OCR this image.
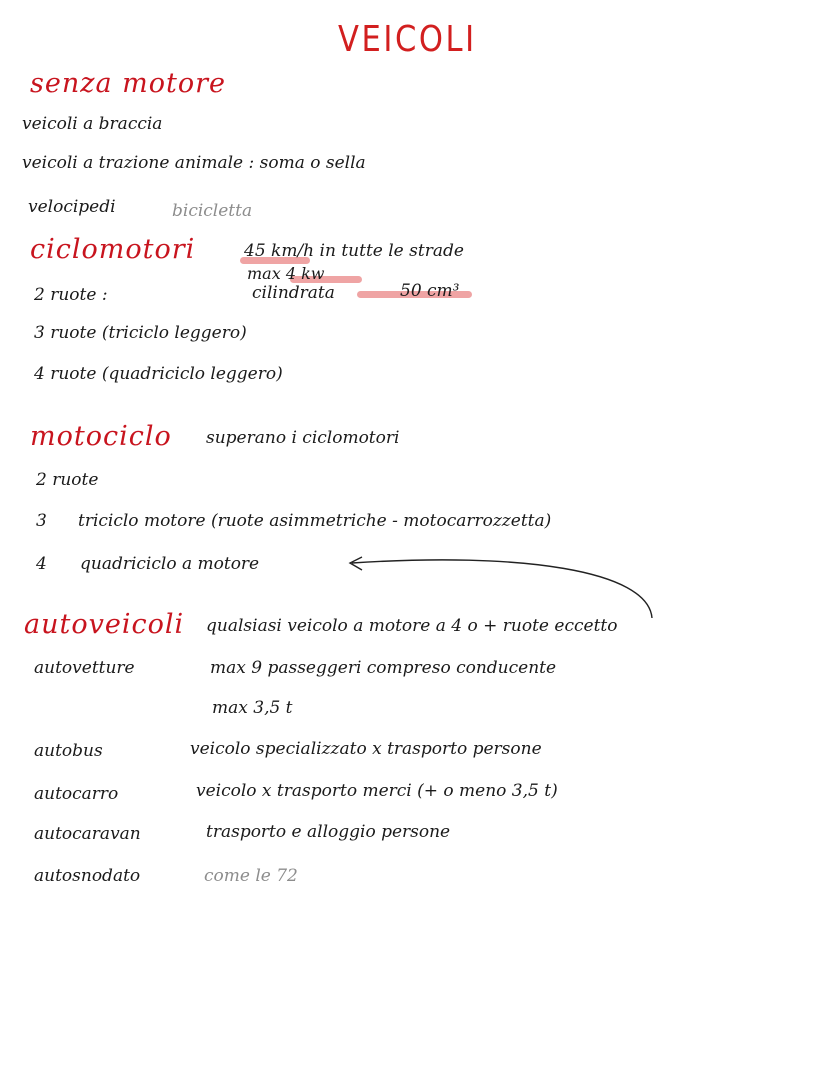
VEICOLI
senza motore
veicoli a braccia
veicoli a trazione animale : soma o sella
velocipedi	bicicletta
ciclomotori	45 km/h in tutte le strade
max 4 kw
2 ruote :	cilindrata	50 cm³
3 ruote (triciclo leggero)
4 ruote (quadriciclo leggero)
motociclo superano i ciclomotori
2 ruote
3 triciclo motore (ruote asimmetriche - motocarrozzetta)
4 quadriciclo a motore
autoveicoli qualsiasi veicolo a motore a 4 o + ruote eccetto
autovetture	max 9 passeggeri compreso conducente
max 3,5 t
autobus	veicolo specializzato x trasporto persone
autocarro	veicolo x trasporto merci (+ o meno 3,5 t)
autocaravan	trasporto e alloggio persone
autosnodato	come le 72
